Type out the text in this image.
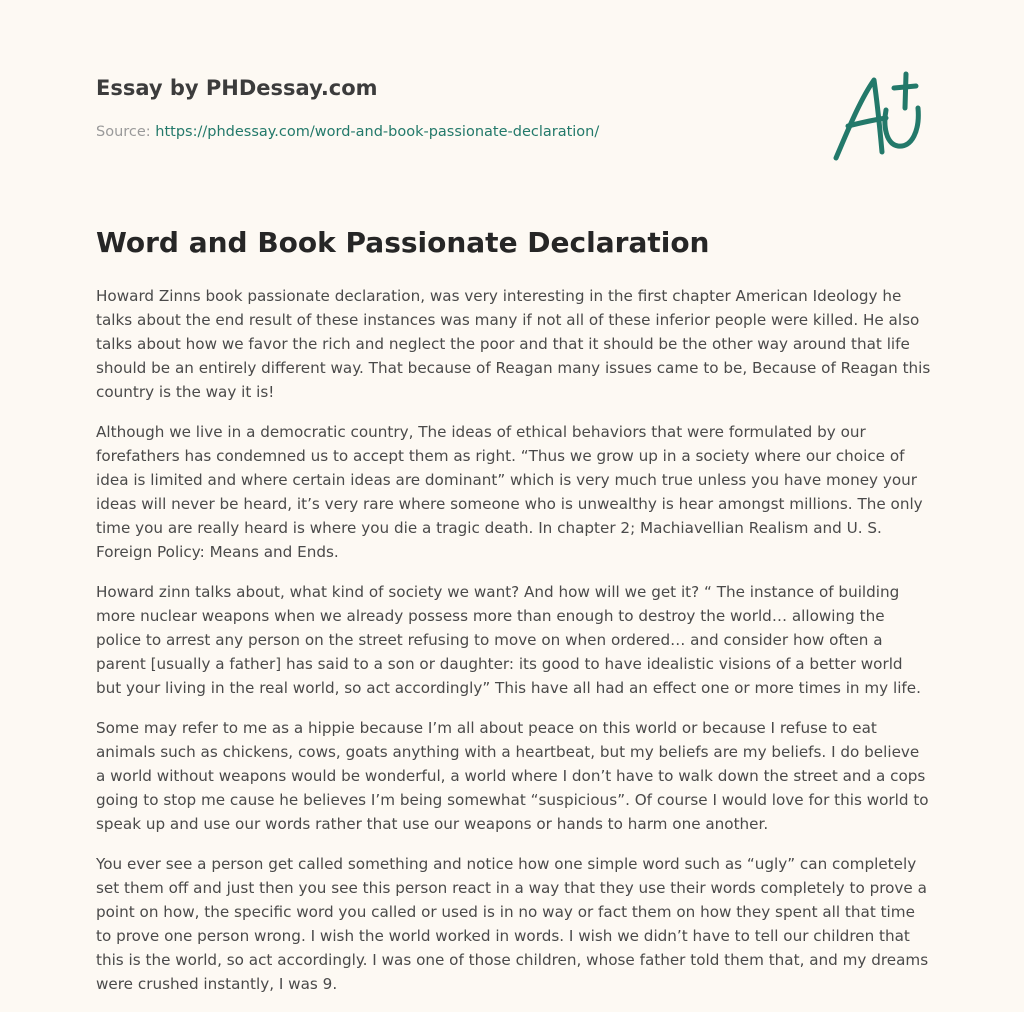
Essay by PHDessay.com

Source: https://phdessay.com/word-and-book-passionate-declaration/
Word and Book Passionate Declaration

Howard Zinns book passionate declaration, was very interesting in the first chapter American Ideology he talks about the end result of these instances was many if not all of these inferior people were killed. He also talks about how we favor the rich and neglect the poor and that it should be the other way around that life should be an entirely different way. That because of Reagan many issues came to be, Because of Reagan this country is the way it is!

Although we live in a democratic country, The ideas of ethical behaviors that were formulated by our forefathers has condemned us to accept them as right. “Thus we grow up in a society where our choice of idea is limited and where certain ideas are dominant” which is very much true unless you have money your ideas will never be heard, it’s very rare where someone who is unwealthy is hear amongst millions. The only time you are really heard is where you die a tragic death. In chapter 2; Machiavellian Realism and U. S. Foreign Policy: Means and Ends.

Howard zinn talks about, what kind of society we want? And how will we get it? “ The instance of building more nuclear weapons when we already possess more than enough to destroy the world… allowing the police to arrest any person on the street refusing to move on when ordered… and consider how often a parent [usually a father] has said to a son or daughter: its good to have idealistic visions of a better world but your living in the real world, so act accordingly” This have all had an effect one or more times in my life.

Some may refer to me as a hippie because I’m all about peace on this world or because I refuse to eat animals such as chickens, cows, goats anything with a heartbeat, but my beliefs are my beliefs. I do believe a world without weapons would be wonderful, a world where I don’t have to walk down the street and a cops going to stop me cause he believes I’m being somewhat “suspicious”. Of course I would love for this world to speak up and use our words rather that use our weapons or hands to harm one another.

You ever see a person get called something and notice how one simple word such as “ugly” can completely set them off and just then you see this person react in a way that they use their words completely to prove a point on how, the specific word you called or used is in no way or fact them on how they spent all that time to prove one person wrong. I wish the world worked in words. I wish we didn’t have to tell our children that this is the world, so act accordingly. I was one of those children, whose father told them that, and my dreams were crushed instantly, I was 9.
